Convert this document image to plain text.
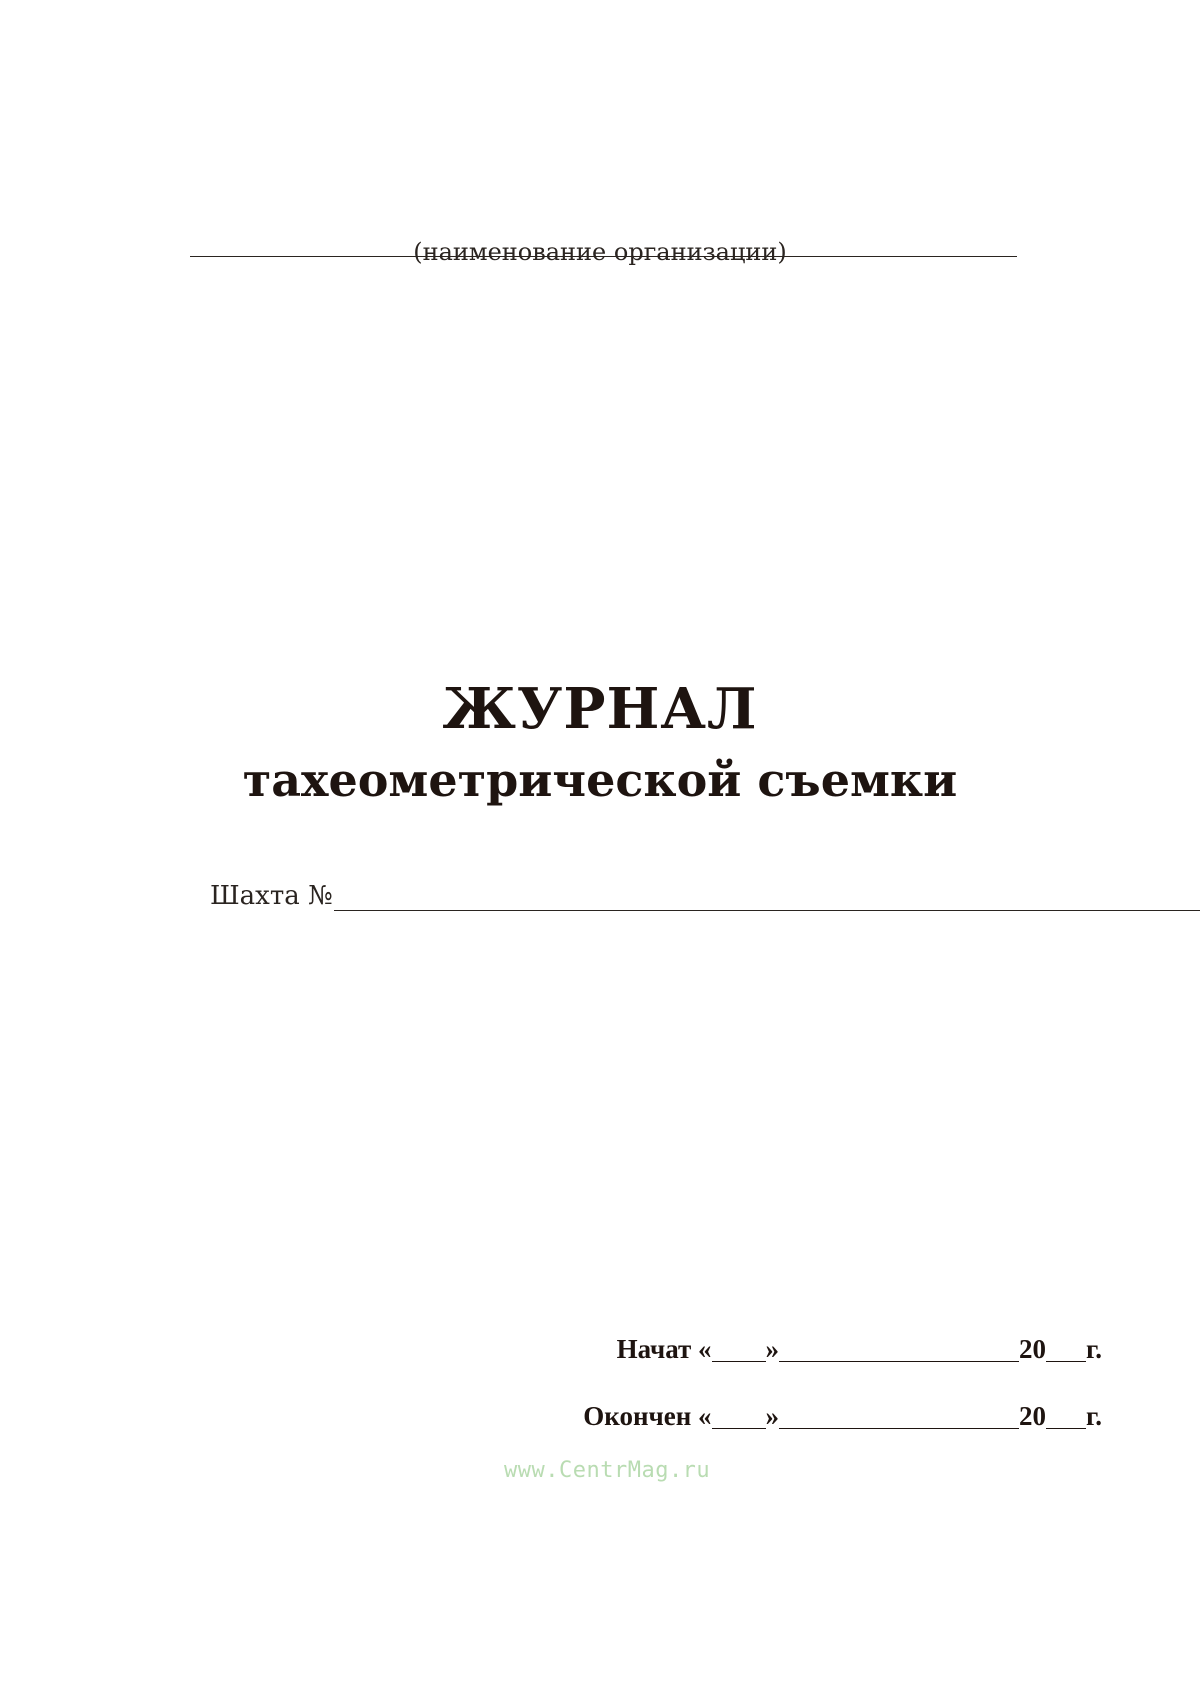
(наименование организации)
ЖУРНАЛ
тахеометрической съемки
Шахта №
Начат « »	20 г.
Окончен « »	20 г.
www.CentrMag.ru
